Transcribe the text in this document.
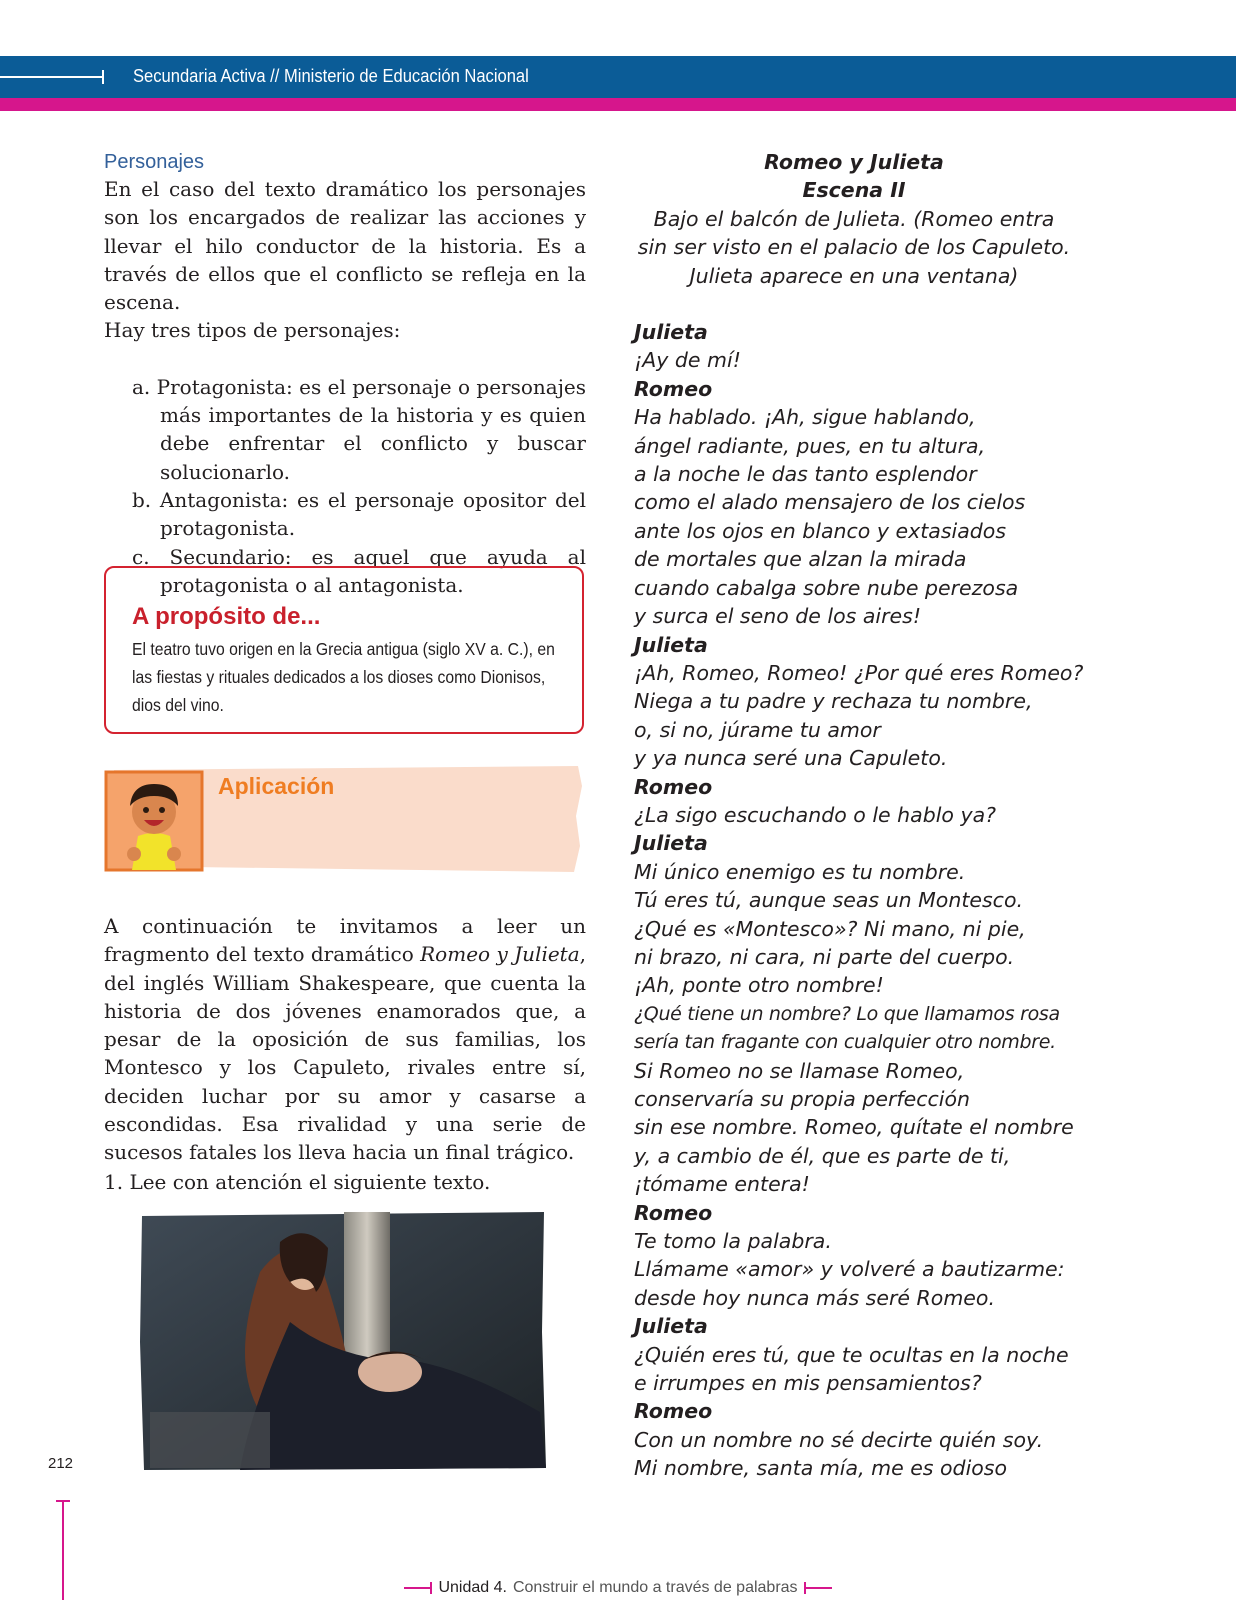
Secundaria Activa // Ministerio de Educación Nacional
Personajes

En el caso del texto dramático los personajes son los encargados de realizar las acciones y llevar el hilo conductor de la historia. Es a través de ellos que el conflicto se refleja en la escena.

Hay tres tipos de personajes:

a. Protagonista: es el personaje o personajes más importantes de la historia y es quien debe enfrentar el conflicto y buscar solucionarlo.
b. Antagonista: es el personaje opositor del protagonista.
c. Secundario: es aquel que ayuda al protagonista o al antagonista.
A propósito de...
El teatro tuvo origen en la Grecia antigua (siglo XV a. C.), en las fiestas y rituales dedicados a los dioses como Dionisos, dios del vino.
Aplicación
A continuación te invitamos a leer un fragmento del texto dramático Romeo y Julieta, del inglés William Shakespeare, que cuenta la historia de dos jóvenes enamorados que, a pesar de la oposición de sus familias, los Montesco y los Capuleto, rivales entre sí, deciden luchar por su amor y casarse a escondidas. Esa rivalidad y una serie de sucesos fatales los lleva hacia un final trágico.
1. Lee con atención el siguiente texto.
212
Romeo y Julieta
Escena II

Bajo el balcón de Julieta. (Romeo entra

sin ser visto en el palacio de los Capuleto.

Julieta aparece en una ventana)

Julieta
¡Ay de mí!
Romeo
Ha hablado. ¡Ah, sigue hablando,
ángel radiante, pues, en tu altura,
a la noche le das tanto esplendor
como el alado mensajero de los cielos
ante los ojos en blanco y extasiados
de mortales que alzan la mirada
cuando cabalga sobre nube perezosa
y surca el seno de los aires!
Julieta
¡Ah, Romeo, Romeo! ¿Por qué eres Romeo?
Niega a tu padre y rechaza tu nombre,
o, si no, júrame tu amor
y ya nunca seré una Capuleto.
Romeo
¿La sigo escuchando o le hablo ya?
Julieta
Mi único enemigo es tu nombre.
Tú eres tú, aunque seas un Montesco.
¿Qué es «Montesco»? Ni mano, ni pie,
ni brazo, ni cara, ni parte del cuerpo.
¡Ah, ponte otro nombre!
¿Qué tiene un nombre? Lo que llamamos rosa
sería tan fragante con cualquier otro nombre.
Si Romeo no se llamase Romeo,
conservaría su propia perfección
sin ese nombre. Romeo, quítate el nombre
y, a cambio de él, que es parte de ti,
¡tómame entera!
Romeo
Te tomo la palabra.
Llámame «amor» y volveré a bautizarme:
desde hoy nunca más seré Romeo.
Julieta
¿Quién eres tú, que te ocultas en la noche
e irrumpes en mis pensamientos?
Romeo
Con un nombre no sé decirte quién soy.
Mi nombre, santa mía, me es odioso
Unidad 4. Construir el mundo a través de palabras
